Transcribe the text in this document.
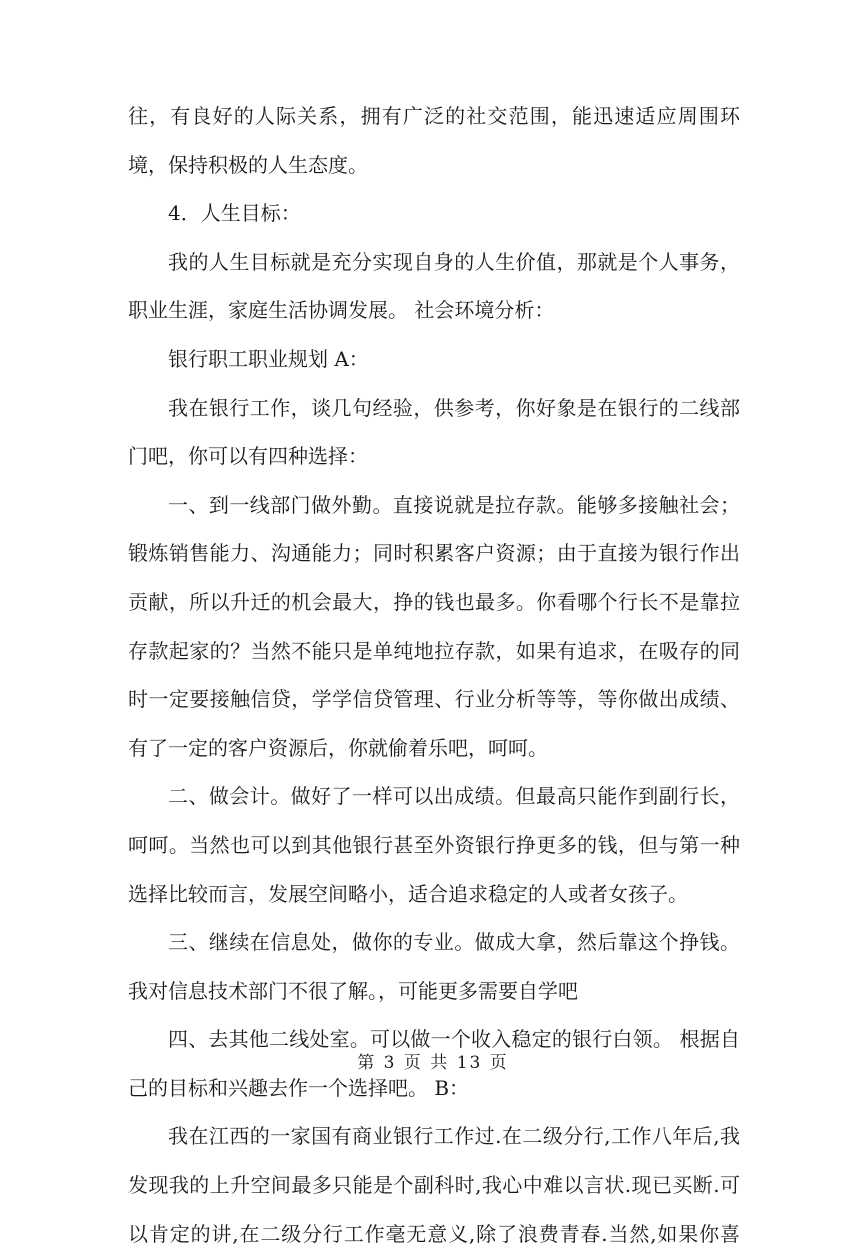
往，有良好的人际关系，拥有广泛的社交范围，能迅速适应周围环
境，保持积极的人生态度。
4．人生目标：
我的人生目标就是充分实现自身的人生价值，那就是个人事务，
职业生涯，家庭生活协调发展。 社会环境分析：
银行职工职业规划 A：
我在银行工作，谈几句经验，供参考，你好象是在银行的二线部
门吧，你可以有四种选择：
一、到一线部门做外勤。直接说就是拉存款。能够多接触社会；
锻炼销售能力、沟通能力；同时积累客户资源；由于直接为银行作出
贡献，所以升迁的机会最大，挣的钱也最多。你看哪个行长不是靠拉
存款起家的？当然不能只是单纯地拉存款，如果有追求，在吸存的同
时一定要接触信贷，学学信贷管理、行业分析等等，等你做出成绩、
有了一定的客户资源后，你就偷着乐吧，呵呵。
二、做会计。做好了一样可以出成绩。但最高只能作到副行长，
呵呵。当然也可以到其他银行甚至外资银行挣更多的钱，但与第一种
选择比较而言，发展空间略小，适合追求稳定的人或者女孩子。
三、继续在信息处，做你的专业。做成大拿，然后靠这个挣钱。
我对信息技术部门不很了解。，可能更多需要自学吧
四、去其他二线处室。可以做一个收入稳定的银行白领。 根据自
己的目标和兴趣去作一个选择吧。 B：
我在江西的一家国有商业银行工作过.在二级分行,工作八年后,我
发现我的上升空间最多只能是个副科时,我心中难以言状.现已买断.可
以肯定的讲,在二级分行工作毫无意义,除了浪费青春.当然,如果你喜
第 3 页 共 13 页
